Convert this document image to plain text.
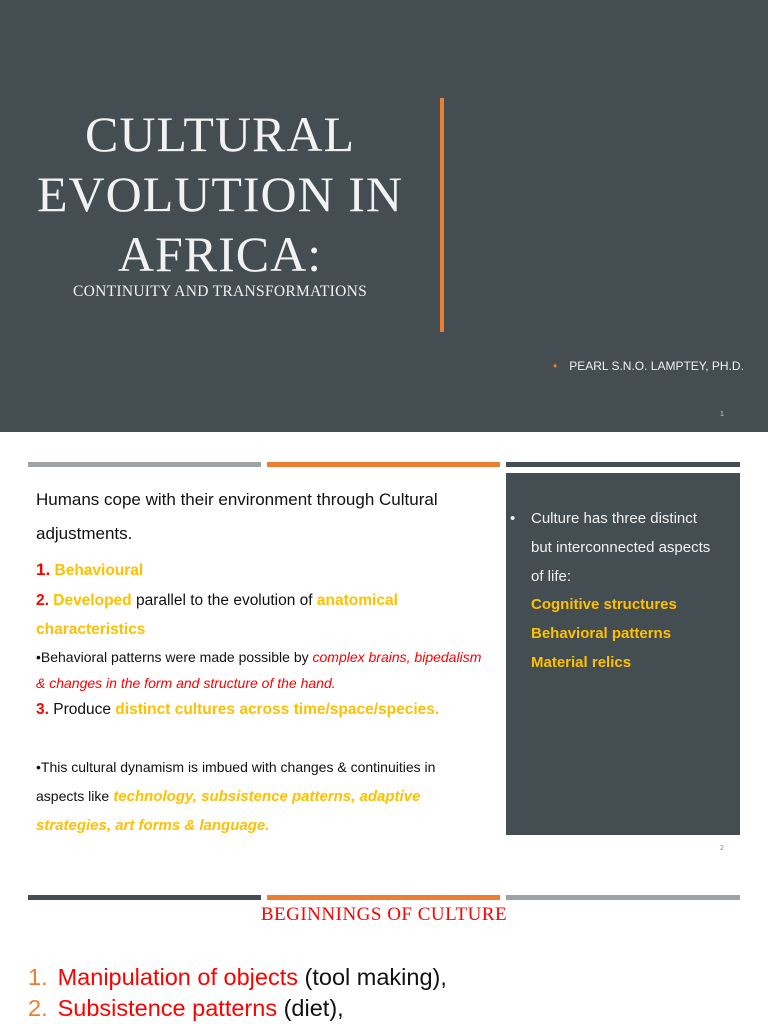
CULTURAL
EVOLUTION IN
AFRICA:
CONTINUITY AND TRANSFORMATIONS
• PEARL S.N.O. LAMPTEY, PH.D.
1
Humans cope with their environment through Cultural
adjustments.
1. Behavioural
2. Developed parallel to the evolution of anatomical
characteristics
•Behavioral patterns were made possible by complex brains, bipedalism
& changes in the form and structure of the hand.
3. Produce distinct cultures across time/space/species.
•This cultural dynamism is imbued with changes & continuities in
aspects like technology, subsistence patterns, adaptive
strategies, art forms & language.
• Culture has three distinct
but interconnected aspects
of life:
Cognitive structures
Behavioral patterns
Material relics
2
BEGINNINGS OF CULTURE
1. Manipulation of objects (tool making),
2. Subsistence patterns (diet),
